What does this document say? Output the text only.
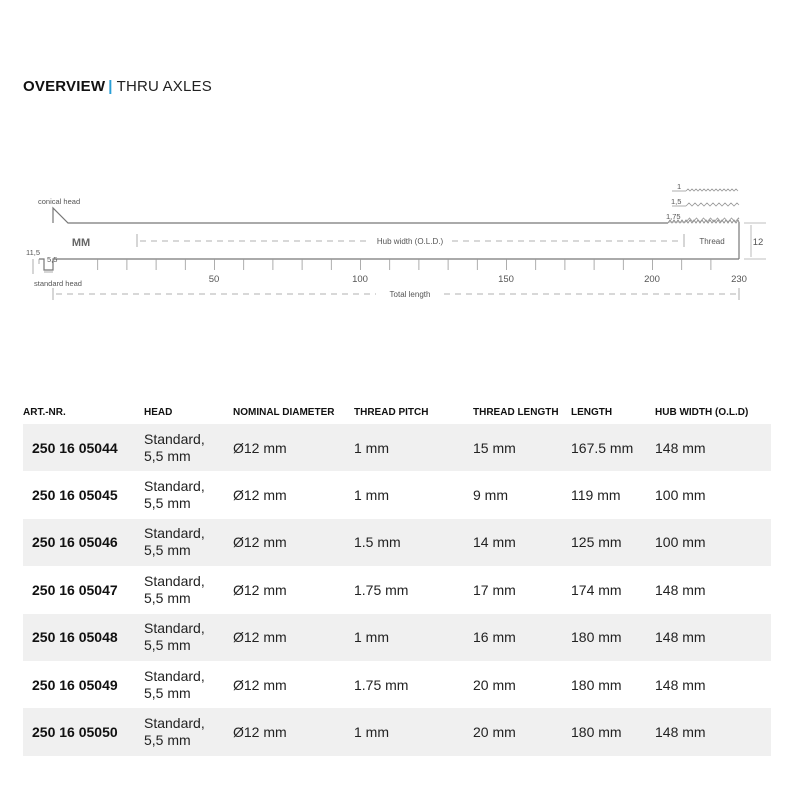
OVERVIEW | THRU AXLES
Hub width (O.L.D.)	Thread	12
MM
conical head
standard head
11,5
5,5
1
1,5
1,75
50	100	150	200	230
Total length
ART.-NR.	HEAD	NOMINAL DIAMETER	THREAD PITCH	THREAD LENGTH	LENGTH	HUB WIDTH (O.L.D)
250 16 05044	Standard,
5,5 mm	Ø12 mm	1 mm	15 mm	167.5 mm	148 mm
250 16 05045	Standard,
5,5 mm	Ø12 mm	1 mm	9 mm	119 mm	100 mm
250 16 05046	Standard,
5,5 mm	Ø12 mm	1.5 mm	14 mm	125 mm	100 mm
250 16 05047	Standard,
5,5 mm	Ø12 mm	1.75 mm	17 mm	174 mm	148 mm
250 16 05048	Standard,
5,5 mm	Ø12 mm	1 mm	16 mm	180 mm	148 mm
250 16 05049	Standard,
5,5 mm	Ø12 mm	1.75 mm	20 mm	180 mm	148 mm
250 16 05050	Standard,
5,5 mm	Ø12 mm	1 mm	20 mm	180 mm	148 mm
